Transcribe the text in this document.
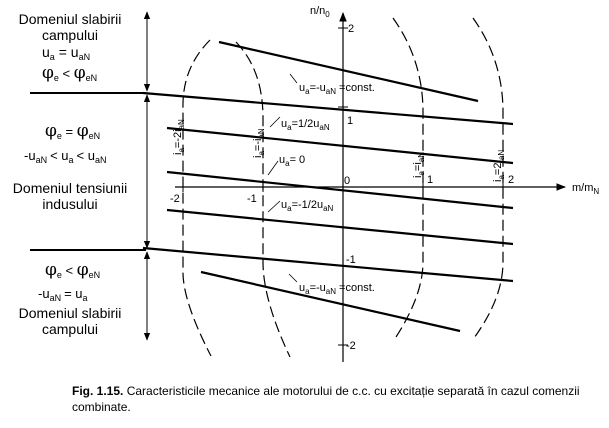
$n/n_0$
$m/m_N$
0
2
1
-1
-2
-2	-1
1	2
$i_a=-2i_{aN}$
$i_a=-i_{aN}$
$i_a=i_{aN}$
$i_a=2i_{aN}$
$u_a=-u_{aN}$ =const.
$u_a=1/2u_{aN}$
$u_a= 0$
$u_a=-1/2u_{aN}$
$u_a=-u_{aN}$ =const.
Domeniul slabirii
campului
$u_a = u_{aN}$
φe < φeN
φe = φeN
$-u_{aN} < u_a < u_{aN}$
Domeniul tensiunii
indusului
φe < φeN
$-u_{aN} = u_a$
Domeniul slabirii
campului
Fig. 1.15. Caracteristicile mecanice ale motorului de c.c. cu excitație separată în cazul comenzii combinate.
